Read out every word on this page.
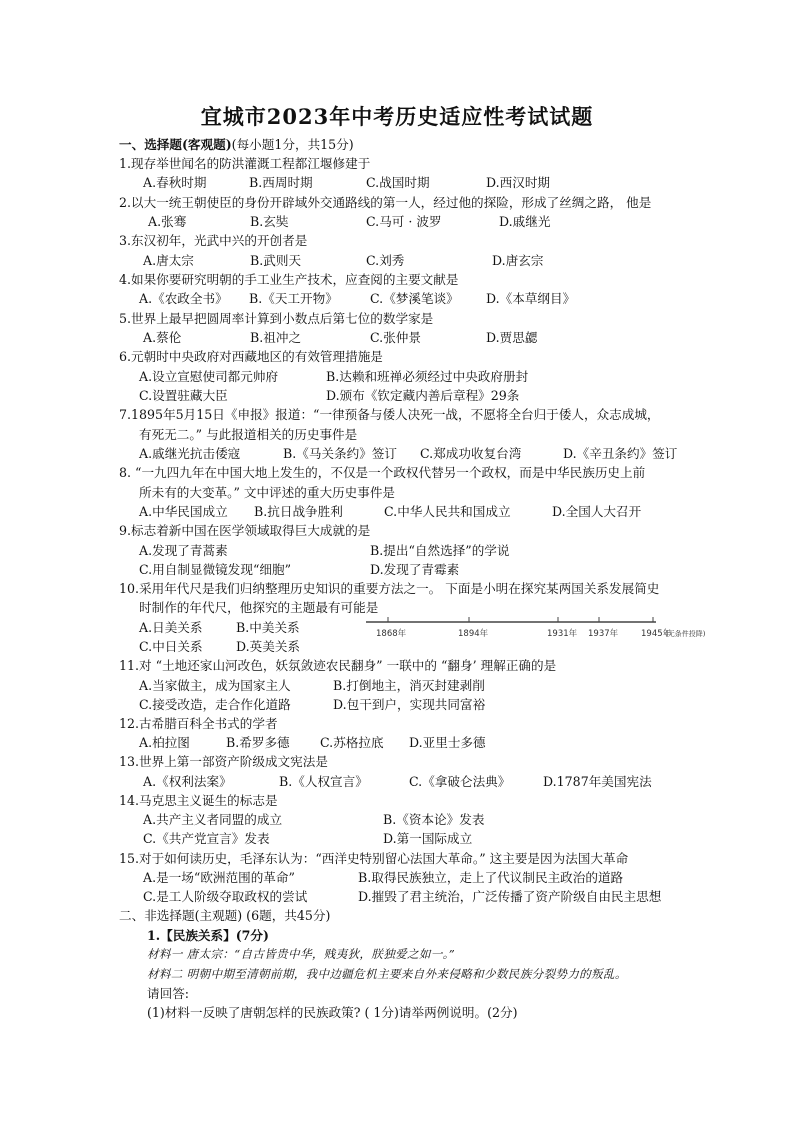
宜城市2023年中考历史适应性考试试题
一、选择题(客观题)(每小题1分，共15分)
1.现存举世闻名的防洪灌溉工程都江堰修建于
A.春秋时期	B.西周时期	C.战国时期	D.西汉时期
2.以大一统王朝使臣的身份开辟域外交通路线的第一人，经过他的探险，形成了丝绸之路， 他是
A.张骞	B.玄奘	C.马可 · 波罗	D.戚继光
3.东汉初年，光武中兴的开创者是
A.唐太宗	B.武则天	C.刘秀	D.唐玄宗
4.如果你要研究明朝的手工业生产技术，应查阅的主要文献是
A.《农政全书》 B.《天工开物》	C.《梦溪笔谈》 D.《本草纲目》
5.世界上最早把圆周率计算到小数点后第七位的数学家是
A.蔡伦	B.祖冲之	C.张仲景	D.贾思勰
6.元朝时中央政府对西藏地区的有效管理措施是
A.设立宣慰使司都元帅府	B.达赖和班禅必须经过中央政府册封
C.设置驻藏大臣	D.颁布《钦定藏内善后章程》29条
7.1895年5月15日《申报》报道：“一律预备与倭人决死一战，不愿将全台归于倭人，众志成城，
有死无二。” 与此报道相关的历史事件是
A.戚继光抗击倭寇	B.《马关条约》签订 C.郑成功收复台湾	D.《辛丑条约》签订
8. “一九四九年在中国大地上发生的，不仅是一个政权代替另一个政权，而是中华民族历史上前
所未有的大变革。” 文中评述的重大历史事件是
A.中华民国成立 B.抗日战争胜利	C.中华人民共和国成立	D.全国人大召开
9.标志着新中国在医学领域取得巨大成就的是
A.发现了青蒿素	B.提出“自然选择”的学说
C.用自制显微镜发现“细胞”	D.发现了青霉素
10.采用年代尺是我们归纳整理历史知识的重要方法之一。 下面是小明在探究某两国关系发展简史
时制作的年代尺，他探究的主题最有可能是
A.日美关系	B.中美关系
C.中日关系	D.英美关系
1868年	1894年	1931年 1937年	1945年
(无条件投降)
11.对 “土地还家山河改色，妖氛敛迹农民翻身” 一联中的 “翻身’ 理解正确的是
A.当家做主，成为国家主人	B.打倒地主，消灭封建剥削
C.接受改造，走合作化道路	D.包干到户，实现共同富裕
12.古希腊百科全书式的学者
A.柏拉图	B.希罗多德 C.苏格拉底 D.亚里士多德
13.世界上第一部资产阶级成文宪法是
A.《权利法案》	B.《人权宣言》	C.《拿破仑法典》	D.1787年美国宪法
14.马克思主义诞生的标志是
A.共产主义者同盟的成立	B.《资本论》发表
C.《共产党宣言》发表	D.第一国际成立
15.对于如何读历史，毛泽东认为：“西洋史特别留心法国大革命。” 这主要是因为法国大革命
A.是一场“欧洲范围的革命”	B.取得民族独立，走上了代议制民主政治的道路
C.是工人阶级夺取政权的尝试	D.摧毁了君主统治，广泛传播了资产阶级自由民主思想
二、非选择题(主观题) (6题，共45分)
1.【民族关系】(7分)
材料一 唐太宗：“自古皆贵中华，贱夷狄，朕独爱之如一。”
材料二 明朝中期至清朝前期，我中边疆危机主要来自外来侵略和少数民族分裂势力的叛乱。
请回答:
(1)材料一反映了唐朝怎样的民族政策? ( 1分)请举两例说明。(2分)
